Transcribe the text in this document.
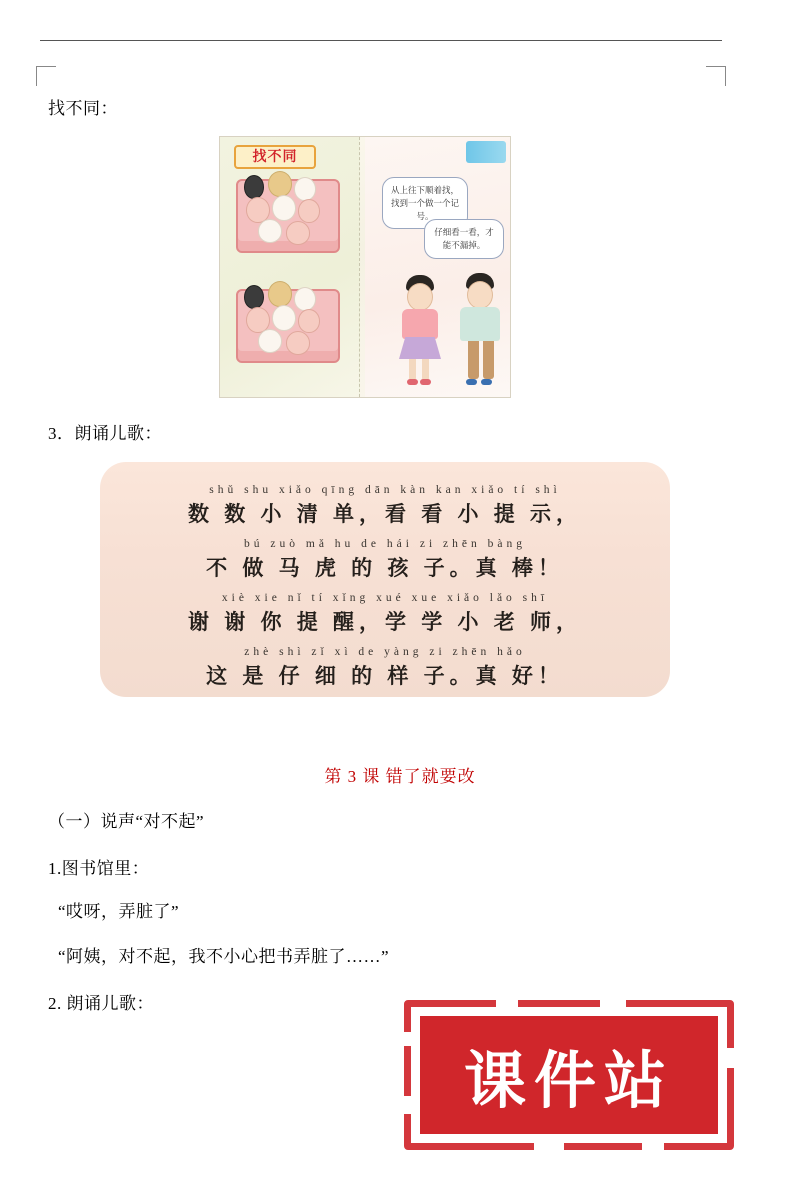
找不同：
找不同
从上往下顺着找，找到一个做一个记号。
仔细看一看，才能不漏掉。
3．朗诵儿歌：
shǔ shu xiǎo qīng dān kàn kan xiǎo tí shì
数 数 小 清 单，看 看 小 提 示，
bú zuò mǎ hu de hái zi zhēn bàng
不 做 马 虎 的 孩 子。真 棒！
xiè xie nǐ tí xǐng xué xue xiǎo lǎo shī
谢 谢 你 提 醒，学 学 小 老 师，
zhè shì zǐ xì de yàng zi zhēn hǎo
这 是 仔 细 的 样 子。真 好！
第 3 课 错了就要改
（一）说声“对不起”
1.图书馆里：
“哎呀，弄脏了”
“阿姨，对不起，我不小心把书弄脏了……”
2. 朗诵儿歌：
课件站
